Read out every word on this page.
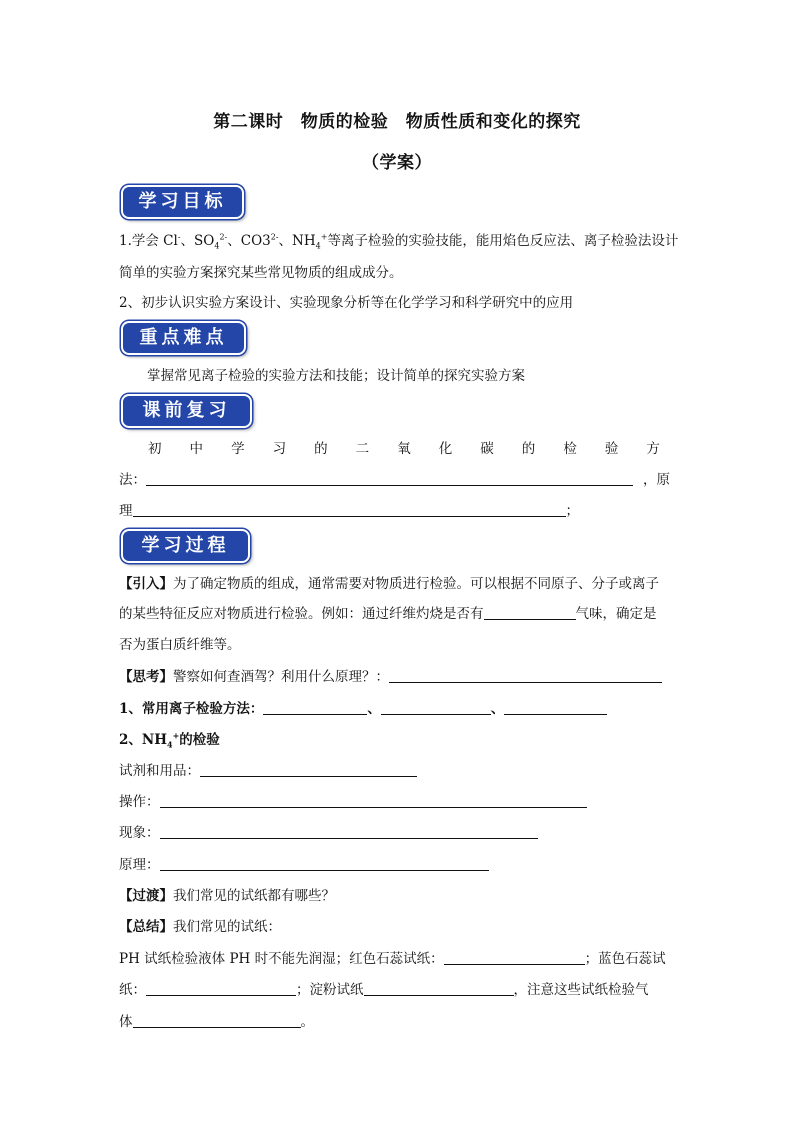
第二课时　物质的检验　物质性质和变化的探究
（学案）
学习目标
1.学会 Cl-、$SO_4^{2-}$、$CO3^{2-}$、$NH_4^+$等离子检验的实验技能，能用焰色反应法、离子检验法设计
简单的实验方案探究某些常见物质的组成成分。
2、初步认识实验方案设计、实验现象分析等在化学学习和科学研究中的应用
重点难点
掌握常见离子检验的实验方法和技能；设计简单的探究实验方案
课前复习
初 中 学 习 的 二 氧 化 碳 的 检 验 方
法：	，原
理	；
学习过程
【引入】为了确定物质的组成，通常需要对物质进行检验。可以根据不同原子、分子或离子
的某些特征反应对物质进行检验。例如：通过纤维灼烧是否有	气味，确定是
否为蛋白质纤维等。
【思考】警察如何查酒驾？利用什么原理？：
1、常用离子检验方法：	、	、
2、$NH_4^+$的检验
试剂和用品：
操作：
现象：
原理：
【过渡】我们常见的试纸都有哪些？
【总结】我们常见的试纸：
PH 试纸检验液体 PH 时不能先润湿；红色石蕊试纸：	；蓝色石蕊试
纸：	；淀粉试纸	，注意这些试纸检验气
体	。
